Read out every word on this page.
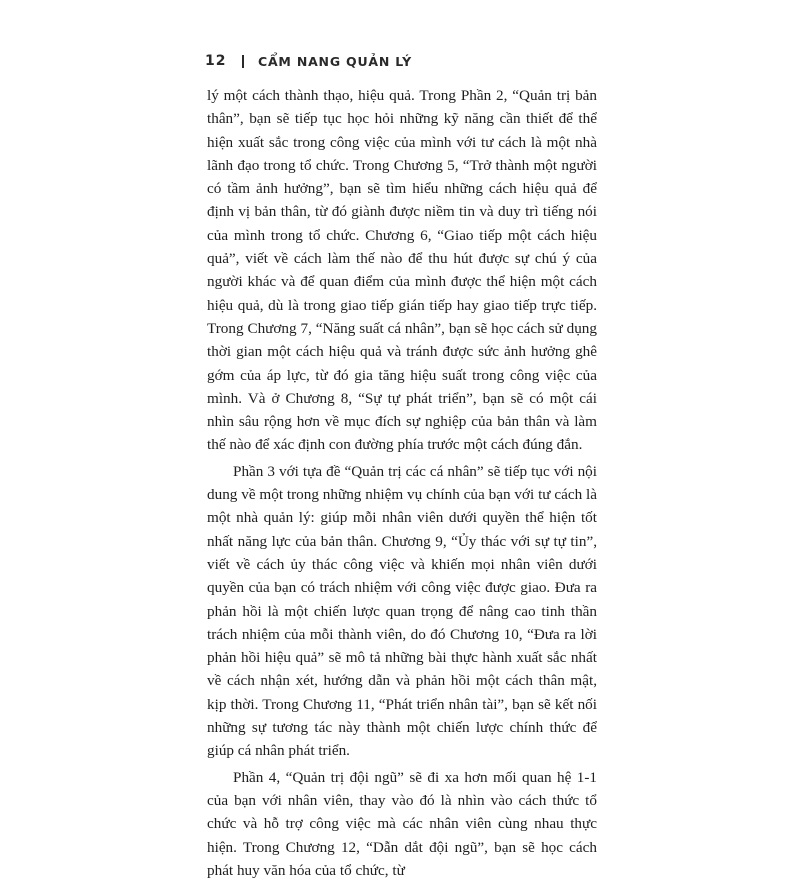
12	CẨM NANG QUẢN LÝ

lý một cách thành thạo, hiệu quả. Trong Phần 2, “Quản trị bản thân”, bạn sẽ tiếp tục học hỏi những kỹ năng cần thiết để thể hiện xuất sắc trong công việc của mình với tư cách là một nhà lãnh đạo trong tổ chức. Trong Chương 5, “Trở thành một người có tầm ảnh hưởng”, bạn sẽ tìm hiểu những cách hiệu quả để định vị bản thân, từ đó giành được niềm tin và duy trì tiếng nói của mình trong tổ chức. Chương 6, “Giao tiếp một cách hiệu quả”, viết về cách làm thế nào để thu hút được sự chú ý của người khác và để quan điểm của mình được thể hiện một cách hiệu quả, dù là trong giao tiếp gián tiếp hay giao tiếp trực tiếp. Trong Chương 7, “Năng suất cá nhân”, bạn sẽ học cách sử dụng thời gian một cách hiệu quả và tránh được sức ảnh hưởng ghê gớm của áp lực, từ đó gia tăng hiệu suất trong công việc của mình. Và ở Chương 8, “Sự tự phát triển”, bạn sẽ có một cái nhìn sâu rộng hơn về mục đích sự nghiệp của bản thân và làm thế nào để xác định con đường phía trước một cách đúng đắn.

Phần 3 với tựa đề “Quản trị các cá nhân” sẽ tiếp tục với nội dung về một trong những nhiệm vụ chính của bạn với tư cách là một nhà quản lý: giúp mỗi nhân viên dưới quyền thể hiện tốt nhất năng lực của bản thân. Chương 9, “Ủy thác với sự tự tin”, viết về cách ủy thác công việc và khiến mọi nhân viên dưới quyền của bạn có trách nhiệm với công việc được giao. Đưa ra phản hồi là một chiến lược quan trọng để nâng cao tinh thần trách nhiệm của mỗi thành viên, do đó Chương 10, “Đưa ra lời phản hồi hiệu quả” sẽ mô tả những bài thực hành xuất sắc nhất về cách nhận xét, hướng dẫn và phản hồi một cách thân mật, kịp thời. Trong Chương 11, “Phát triển nhân tài”, bạn sẽ kết nối những sự tương tác này thành một chiến lược chính thức để giúp cá nhân phát triển.

Phần 4, “Quản trị đội ngũ” sẽ đi xa hơn mối quan hệ 1-1 của bạn với nhân viên, thay vào đó là nhìn vào cách thức tổ chức và hỗ trợ công việc mà các nhân viên cùng nhau thực hiện. Trong Chương 12, “Dẫn dắt đội ngũ”, bạn sẽ học cách phát huy văn hóa của tổ chức, từ
